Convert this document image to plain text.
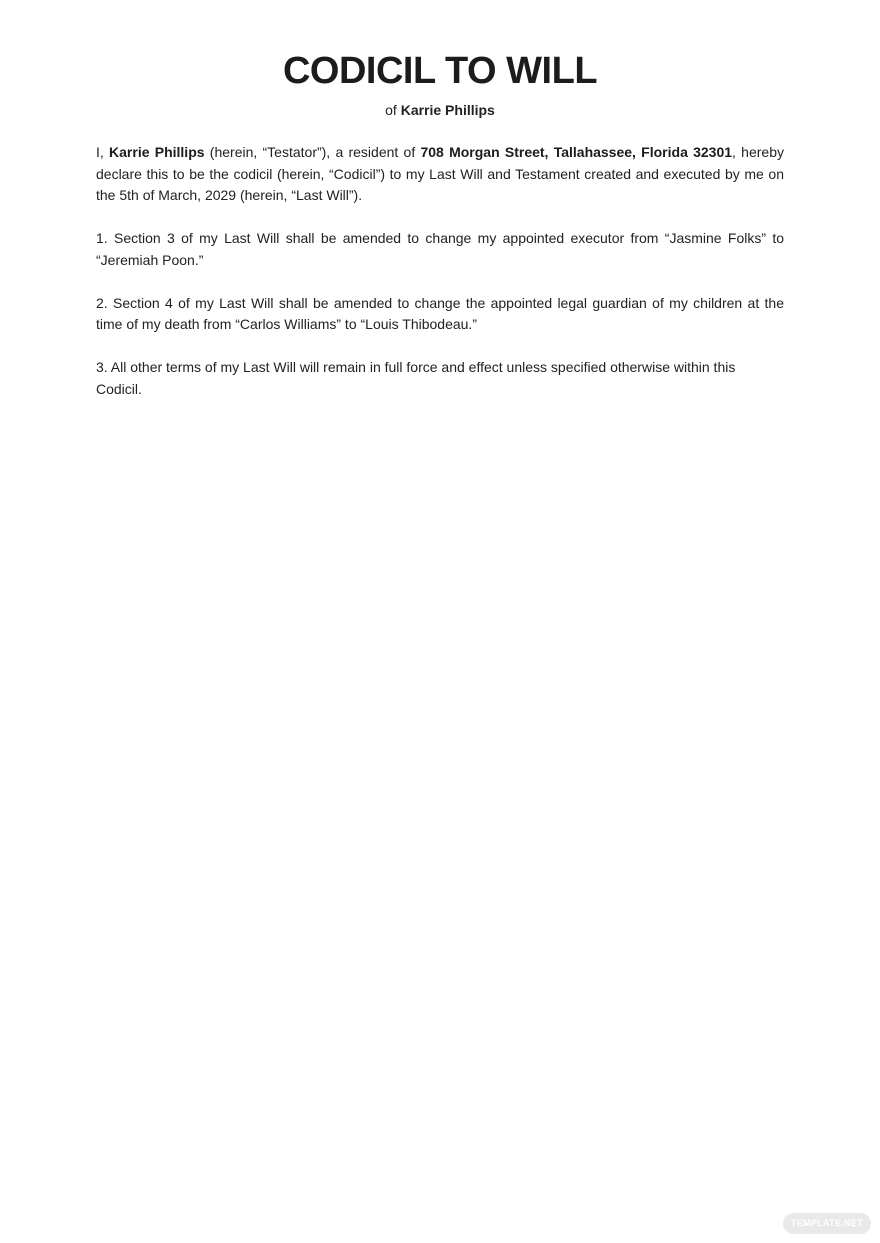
CODICIL TO WILL
of Karrie Phillips

I, Karrie Phillips (herein, “Testator”), a resident of 708 Morgan Street, Tallahassee, Florida 32301, hereby declare this to be the codicil (herein, “Codicil”) to my Last Will and Testament created and executed by me on the 5th of March, 2029 (herein, “Last Will”).

1. Section 3 of my Last Will shall be amended to change my appointed executor from “Jasmine Folks” to “Jeremiah Poon.”

2. Section 4 of my Last Will shall be amended to change the appointed legal guardian of my children at the time of my death from “Carlos Williams” to “Louis Thibodeau.”

3. All other terms of my Last Will will remain in full force and effect unless specified otherwise within this Codicil.

TEMPLATE.NET
